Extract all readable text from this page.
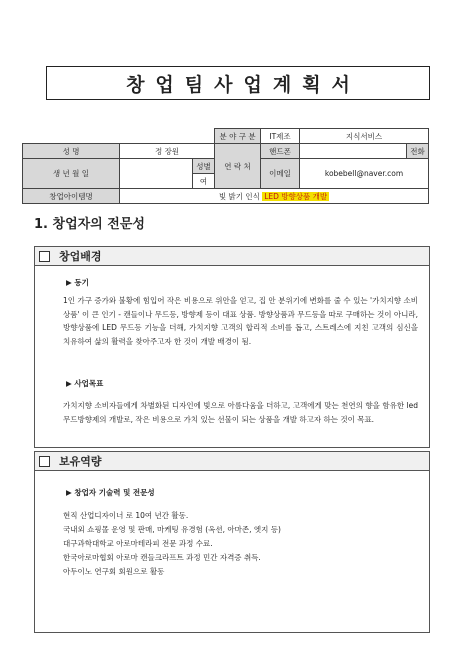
창업팀사업계획서
			분 야 구 분	IT제조	지식서비스	
성 명	정 장원		연 락 처	핸드폰		전화
생 년 월 일		성별		이메일	kobebell@naver.com	
		여				
창업아이템명	빛 밝기 인식 LED 방향상품 개발					
1. 창업자의 전문성
창업배경

▶ 동기

1인 가구 증가와 불황에 힘입어 작은 비용으로 위안을 얻고, 집 안 분위기에 변화를 줄 수 있는 '가치지향 소비상품' 이 큰 인기 - 캔들이나 무드등, 방향제 등이 대표 상품. 방향상품과 무드등을 따로 구매하는 것이 아니라, 방향상품에 LED 무드등 기능을 더해, 가치지향 고객의 합리적 소비를 돕고, 스트레스에 지친 고객의 심신을 치유하여 삶의 활력을 찾아주고자 한 것이 개발 배경이 됨.

▶ 사업목표

가치지향 소비자들에게 차별화된 디자인에 빛으로 아름다움을 더하고, 고객에게 맞는 천연의 향을 함유한 led무드방향제의 개발로, 작은 비용으로 가치 있는 선물이 되는 상품을 개발 하고자 하는 것이 목표.

보유역량

▶ 창업자 기술력 및 전문성

현직 산업디자이너 로 10여 년간 활동.

국내외 쇼핑몰 운영 및 판매, 마케팅 유경험 (옥션, 아마존, 엣지 등)

대구과학대학교 아로마테라피 전문 과정 수료.

한국아로마협회 아로마 캔들크라프트 과정 민간 자격증 취득.

아두이노 연구회 회원으로 활동
